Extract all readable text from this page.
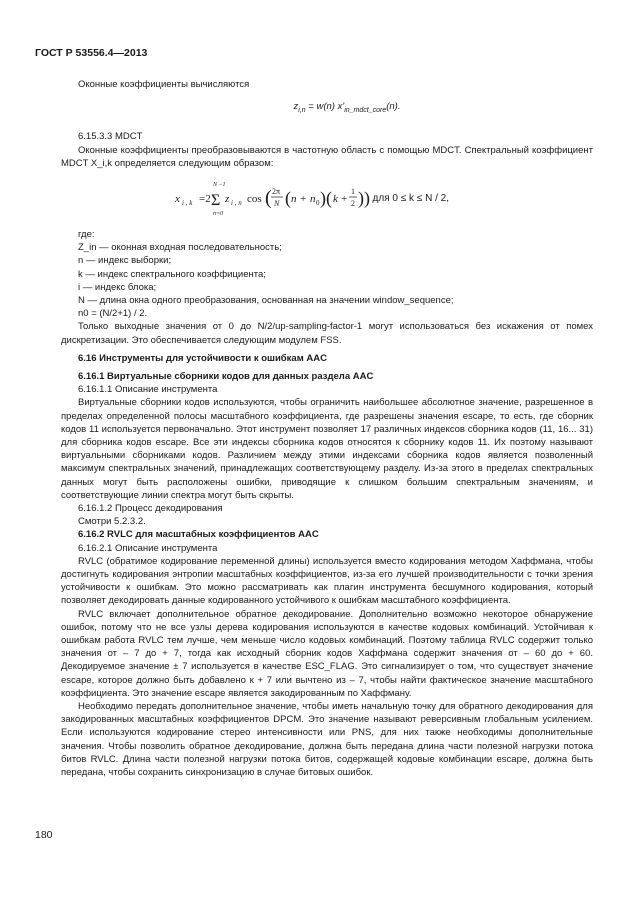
ГОСТ Р 53556.4—2013

Оконные коэффициенты вычисляются

$z_{i,n} = w(n)$ $x'_{in\_mdct\_core}(n)$.

6.15.3.3 MDCT

Оконные коэффициенты преобразовываются в частотную область с помощью MDCT. Спектральный коэффициент MDCT X_i,k определяется следующим образом:

x i , k =2
N −1
Σ
n=0
z i , n cos ( 2π
N ( n + n 0 )( k +
1
2 ))
, для 0 ≤ k ≤ N / 2,

где:

Z_in — оконная входная последовательность;

n — индекс выборки;

k — индекс спектрального коэффициента;

i — индекс блока;

N — длина окна одного преобразования, основанная на значении window_sequence;

n0 = (N/2+1) / 2.

Только выходные значения от 0 до N/2/up-sampling-factor-1 могут использоваться без искажения от помех дискретизации. Это обеспечивается следующим модулем FSS.

6.16 Инструменты для устойчивости к ошибкам AAC

6.16.1 Виртуальные сборники кодов для данных раздела AAC

6.16.1.1 Описание инструмента

Виртуальные сборники кодов используются, чтобы ограничить наибольшее абсолютное значение, разрешенное в пределах определенной полосы масштабного коэффициента, где разрешены значения escape, то есть, где сборник кодов 11 используется первоначально. Этот инструмент позволяет 17 различных индексов сборника кодов (11, 16... 31) для сборника кодов escape. Все эти индексы сборника кодов относятся к сборнику кодов 11. Их поэтому называют виртуальными сборниками кодов. Различием между этими индексами сборника кодов является позволенный максимум спектральных значений, принадлежащих соответствующему разделу. Из-за этого в пределах спектральных данных могут быть расположены ошибки, приводящие к слишком большим спектральным значениям, и соответствующие линии спектра могут быть скрыты.

6.16.1.2 Процесс декодирования

Смотри 5.2.3.2.

6.16.2 RVLC для масштабных коэффициентов AAC

6.16.2.1 Описание инструмента

RVLC (обратимое кодирование переменной длины) используется вместо кодирования методом Хаффмана, чтобы достигнуть кодирования энтропии масштабных коэффициентов, из-за его лучшей производительности с точки зрения устойчивости к ошибкам. Это можно рассматривать как плагин инструмента бесшумного кодирования, который позволяет декодировать данные кодированного устойчивого к ошибкам масштабного коэффициента.

RVLC включает дополнительное обратное декодирование. Дополнительно возможно некоторое обнаружение ошибок, потому что не все узлы дерева кодирования используются в качестве кодовых комбинаций. Устойчивая к ошибкам работа RVLC тем лучше, чем меньше число кодовых комбинаций. Поэтому таблица RVLC содержит только значения от – 7 до + 7, тогда как исходный сборник кодов Хаффмана содержит значения от – 60 до + 60. Декодируемое значение ± 7 используется в качестве ESC_FLAG. Это сигнализирует о том, что существует значение escape, которое должно быть добавлено к + 7 или вычтено из – 7, чтобы найти фактическое значение масштабного коэффициента. Это значение escape является закодированным по Хаффману.

Необходимо передать дополнительное значение, чтобы иметь начальную точку для обратного декодирования для закодированных масштабных коэффициентов DPCM. Это значение называют реверсивным глобальным усилением. Если используются кодирование стерео интенсивности или PNS, для них также необходимы дополнительные значения. Чтобы позволить обратное декодирование, должна быть передана длина части полезной нагрузки потока битов RVLC. Длина части полезной нагрузки потока битов, содержащей кодовые комбинации escape, должна быть передана, чтобы сохранить синхронизацию в случае битовых ошибок.

180
